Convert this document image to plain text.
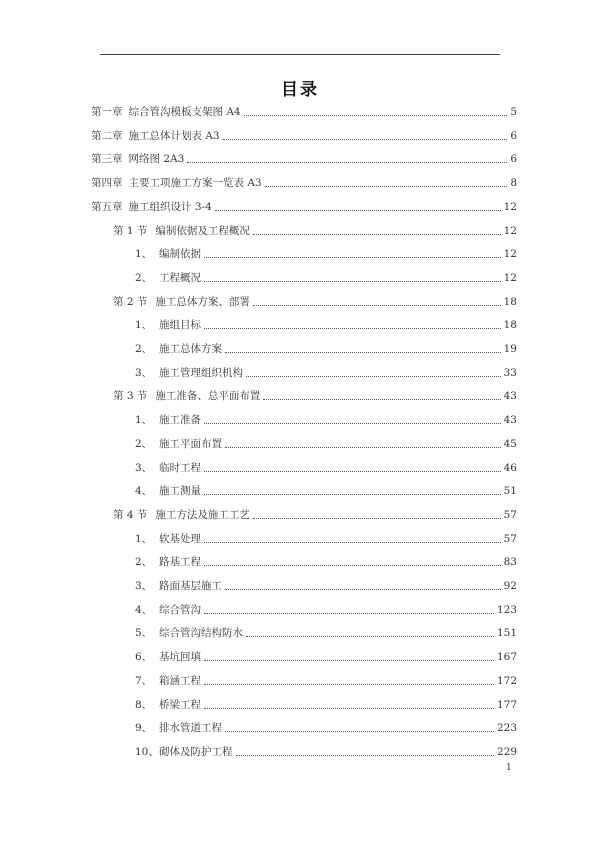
目录
第一章 综合管沟模板支架图 A4	5
第二章 施工总体计划表 A3	6
第三章 网络图 2A3	6
第四章 主要工项施工方案一览表 A3	8
第五章 施工组织设计 3-4	12
第 1 节 编制依据及工程概况	12
1、 编制依据	12
2、 工程概况	12
第 2 节 施工总体方案、部署	18
1、 施组目标	18
2、 施工总体方案	19
3、 施工管理组织机构	33
第 3 节 施工准备、总平面布置	43
1、 施工准备	43
2、 施工平面布置	45
3、 临时工程	46
4、 施工测量	51
第 4 节 施工方法及施工工艺	57
1、 软基处理	57
2、 路基工程	83
3、 路面基层施工	92
4、 综合管沟	123
5、 综合管沟结构防水	151
6、 基坑回填	167
7、 箱涵工程	172
8、 桥梁工程	177
9、 排水管道工程	223
10、砌体及防护工程	229
1
